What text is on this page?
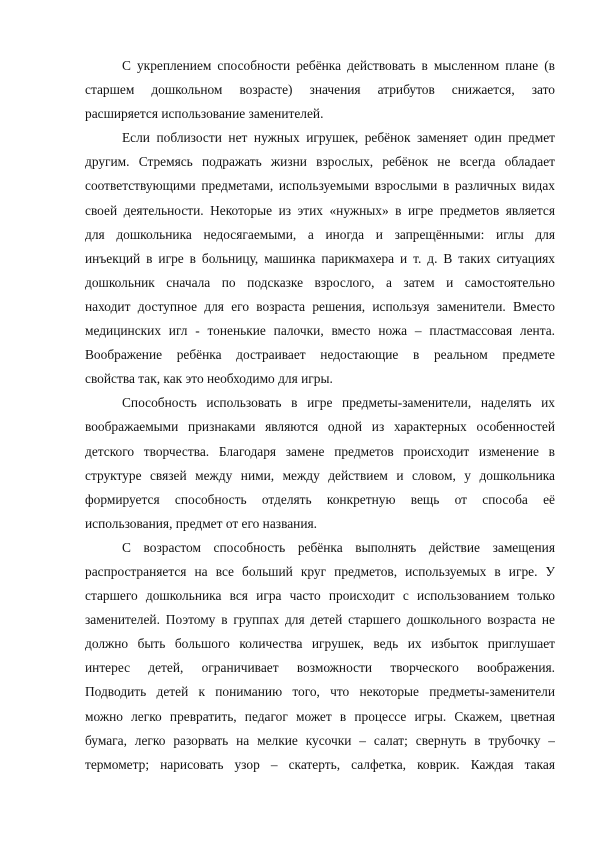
С укреплением способности ребёнка действовать в мысленном плане (в
старшем дошкольном возрасте) значения атрибутов снижается, зато
расширяется использование заменителей.
Если поблизости нет нужных игрушек, ребёнок заменяет один предмет
другим. Стремясь подражать жизни взрослых, ребёнок не всегда обладает
соответствующими предметами, используемыми взрослыми в различных видах
своей деятельности. Некоторые из этих «нужных» в игре предметов является
для дошкольника недосягаемыми, а иногда и запрещёнными: иглы для
инъекций в игре в больницу, машинка парикмахера и т. д. В таких ситуациях
дошкольник сначала по подсказке взрослого, а затем и самостоятельно
находит доступное для его возраста решения, используя заменители. Вместо
медицинских игл - тоненькие палочки, вместо ножа – пластмассовая лента.
Воображение ребёнка достраивает недостающие в реальном предмете
свойства так, как это необходимо для игры.
Способность использовать в игре предметы-заменители, наделять их
воображаемыми признаками являются одной из характерных особенностей
детского творчества. Благодаря замене предметов происходит изменение в
структуре связей между ними, между действием и словом, у дошкольника
формируется способность отделять конкретную вещь от способа её
использования, предмет от его названия.
С возрастом способность ребёнка выполнять действие замещения
распространяется на все больший круг предметов, используемых в игре. У
старшего дошкольника вся игра часто происходит с использованием только
заменителей. Поэтому в группах для детей старшего дошкольного возраста не
должно быть большого количества игрушек, ведь их избыток приглушает
интерес детей, ограничивает возможности творческого воображения.
Подводить детей к пониманию того, что некоторые предметы-заменители
можно легко превратить, педагог может в процессе игры. Скажем, цветная
бумага, легко разорвать на мелкие кусочки – салат; свернуть в трубочку –
термометр; нарисовать узор – скатерть, салфетка, коврик. Каждая такая
